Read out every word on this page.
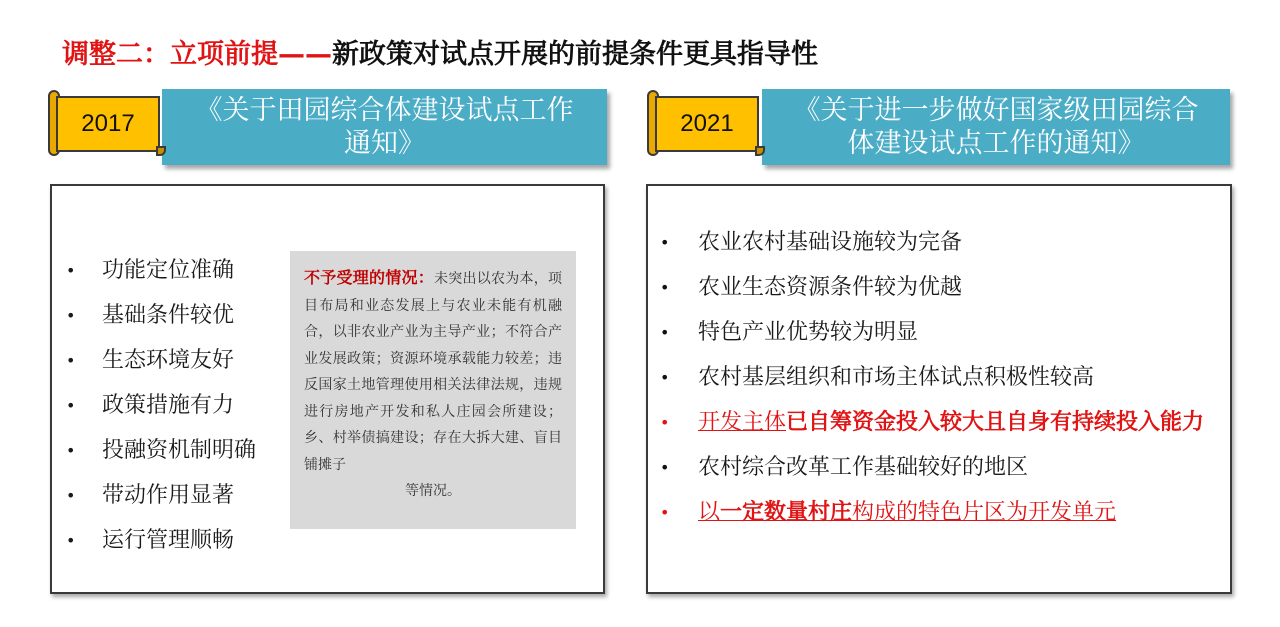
调整二：立项前提——新政策对试点开展的前提条件更具指导性
《关于田园综合体建设试点工作
通知》
2017	《关于进一步做好国家级田园综合
体建设试点工作的通知》
2021
• 功能定位准确
• 基础条件较优
• 生态环境友好
• 政策措施有力
• 投融资机制明确
• 带动作用显著
• 运行管理顺畅
不予受理的情况：未突出以农为本，项目布局和业态发展上与农业未能有机融合，以非农业产业为主导产业；不符合产业发展政策；资源环境承载能力较差；违反国家土地管理使用相关法律法规，违规进行房地产开发和私人庄园会所建设；乡、村举债搞建设；存在大拆大建、盲目铺摊子
等情况。
• 农业农村基础设施较为完备
• 农业生态资源条件较为优越
• 特色产业优势较为明显
• 农村基层组织和市场主体试点积极性较高
• 开发主体已自筹资金投入较大且自身有持续投入能力
• 农村综合改革工作基础较好的地区
• 以一定数量村庄构成的特色片区为开发单元
